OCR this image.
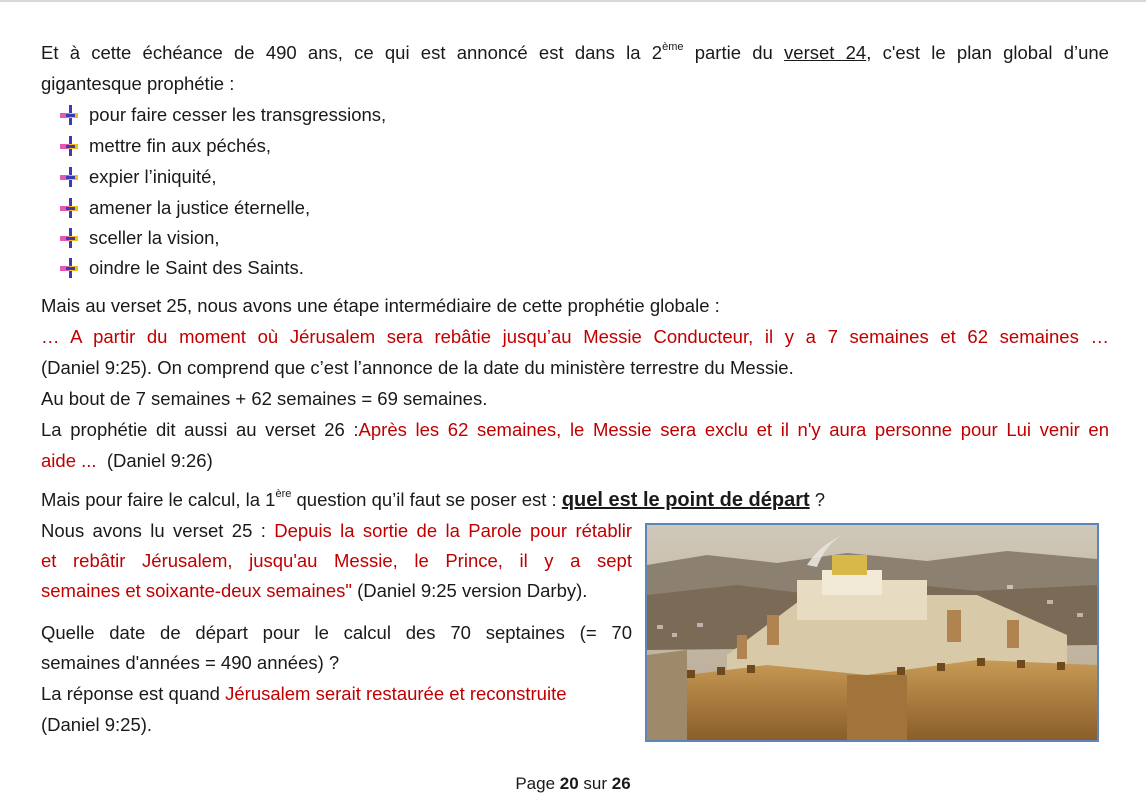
Et à cette échéance de 490 ans, ce qui est annoncé est dans la 2ème partie du verset 24, c'est le plan global d’une
gigantesque prophétie :
pour faire cesser les transgressions,
mettre fin aux péchés,
expier l’iniquité,
amener la justice éternelle,
sceller la vision,
oindre le Saint des Saints.
Mais au verset 25, nous avons une étape intermédiaire de cette prophétie globale :
… A partir du moment où Jérusalem sera rebâtie jusqu’au Messie Conducteur, il y a 7 semaines et 62 semaines …
(Daniel 9:25). On comprend que c’est l’annonce de la date du ministère terrestre du Messie.
Au bout de 7 semaines + 62 semaines = 69 semaines.
La prophétie dit aussi au verset 26 :Après les 62 semaines, le Messie sera exclu et il n'y aura personne pour Lui venir en
aide ...  (Daniel 9:26)
Mais pour faire le calcul, la 1ère question qu’il faut se poser est : quel est le point de départ ?
Nous avons lu verset 25 : Depuis la sortie de la Parole pour rétablir
et rebâtir Jérusalem, jusqu'au Messie, le Prince, il y a sept
semaines et soixante-deux semaines" (Daniel 9:25 version Darby).
Quelle date de départ pour le calcul des 70 septaines (= 70
semaines d'années = 490 années) ?
La réponse est quand Jérusalem serait restaurée et reconstruite
(Daniel 9:25).
Page 20 sur 26
